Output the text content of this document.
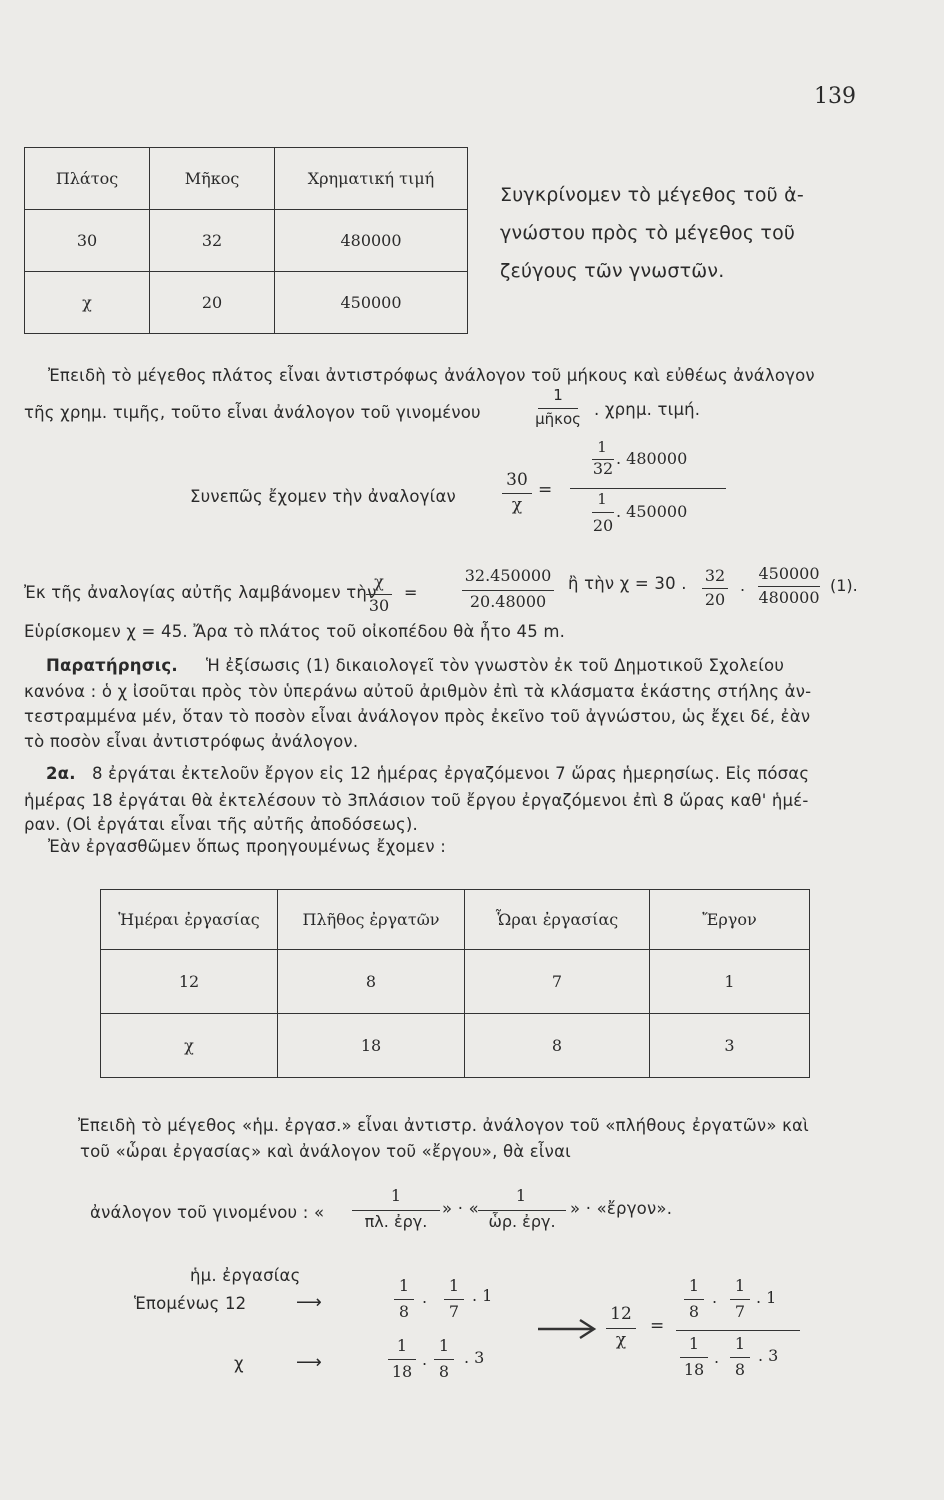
139
Πλάτος	Μῆκος	Χρηματική τιμή
30	32	480000
χ	20	450000
Συγκρίνομεν τὸ μέγεθος τοῦ ἀ-
γνώστου πρὸς τὸ μέγεθος τοῦ
ζεύγους τῶν γνωστῶν.
Ἐπειδὴ τὸ μέγεθος πλάτος εἶναι ἀντιστρόφως ἀνάλογον τοῦ μήκους καὶ εὐθέως ἀνάλογον
τῆς χρημ. τιμῆς, τοῦτο εἶναι ἀνάλογον τοῦ γινομένου
1
μῆκος . χρημ. τιμή.
Συνεπῶς ἔχομεν τὴν ἀναλογίαν
30
χ
=
1
32
. 480000
1
20
. 450000
Ἐκ τῆς ἀναλογίας αὐτῆς λαμβάνομεν τὴν
χ
30
=
32.450000
20.48000
ἢ τὴν χ = 30 .	32
20
.
450000
480000
(1).
Εὑρίσκομεν χ = 45. Ἄρα τὸ πλάτος τοῦ οἰκοπέδου θὰ ἦτο 45 m.
Παρατήρησις. Ἡ ἐξίσωσις (1) δικαιολογεῖ τὸν γνωστὸν ἐκ τοῦ Δημοτικοῦ Σχολείου
κανόνα : ὁ χ ἰσοῦται πρὸς τὸν ὑπεράνω αὐτοῦ ἀριθμὸν ἐπὶ τὰ κλάσματα ἑκάστης στήλης ἀν-
τεστραμμένα μέν, ὅταν τὸ ποσὸν εἶναι ἀνάλογον πρὸς ἐκεῖνο τοῦ ἀγνώστου, ὡς ἔχει δέ, ἐὰν
τὸ ποσὸν εἶναι ἀντιστρόφως ἀνάλογον.
2α. 8 ἐργάται ἐκτελοῦν ἔργον εἰς 12 ἡμέρας ἐργαζόμενοι 7 ὥρας ἡμερησίως. Εἰς πόσας
ἡμέρας 18 ἐργάται θὰ ἐκτελέσουν τὸ 3πλάσιον τοῦ ἔργου ἐργαζόμενοι ἐπὶ 8 ὥρας καθ' ἡμέ-
ραν. (Οἱ ἐργάται εἶναι τῆς αὐτῆς ἀποδόσεως).
Ἐὰν ἐργασθῶμεν ὅπως προηγουμένως ἔχομεν :
Ἡμέραι ἐργασίας	Πλῆθος ἐργατῶν	Ὧραι ἐργασίας	Ἔργον
12	8	7	1
χ	18	8	3
Ἐπειδὴ τὸ μέγεθος «ἡμ. ἐργασ.» εἶναι ἀντιστρ. ἀνάλογον τοῦ «πλήθους ἐργατῶν» καὶ
τοῦ «ὧραι ἐργασίας» καὶ ἀνάλογον τοῦ «ἔργου», θὰ εἶναι
ἀνάλογον τοῦ γινομένου : «
1
πλ. ἐργ.
» · «
1
ὧρ. ἐργ.
» · «ἔργον».
ἡμ. ἐργασίας
Ἑπομένως 12	⟶
χ	⟶
1
8
.
1
7
. 1
1
18
.
1
8
. 3
12
χ
=
1
8
.
1
7
. 1
1
18
.
1
8
. 3
